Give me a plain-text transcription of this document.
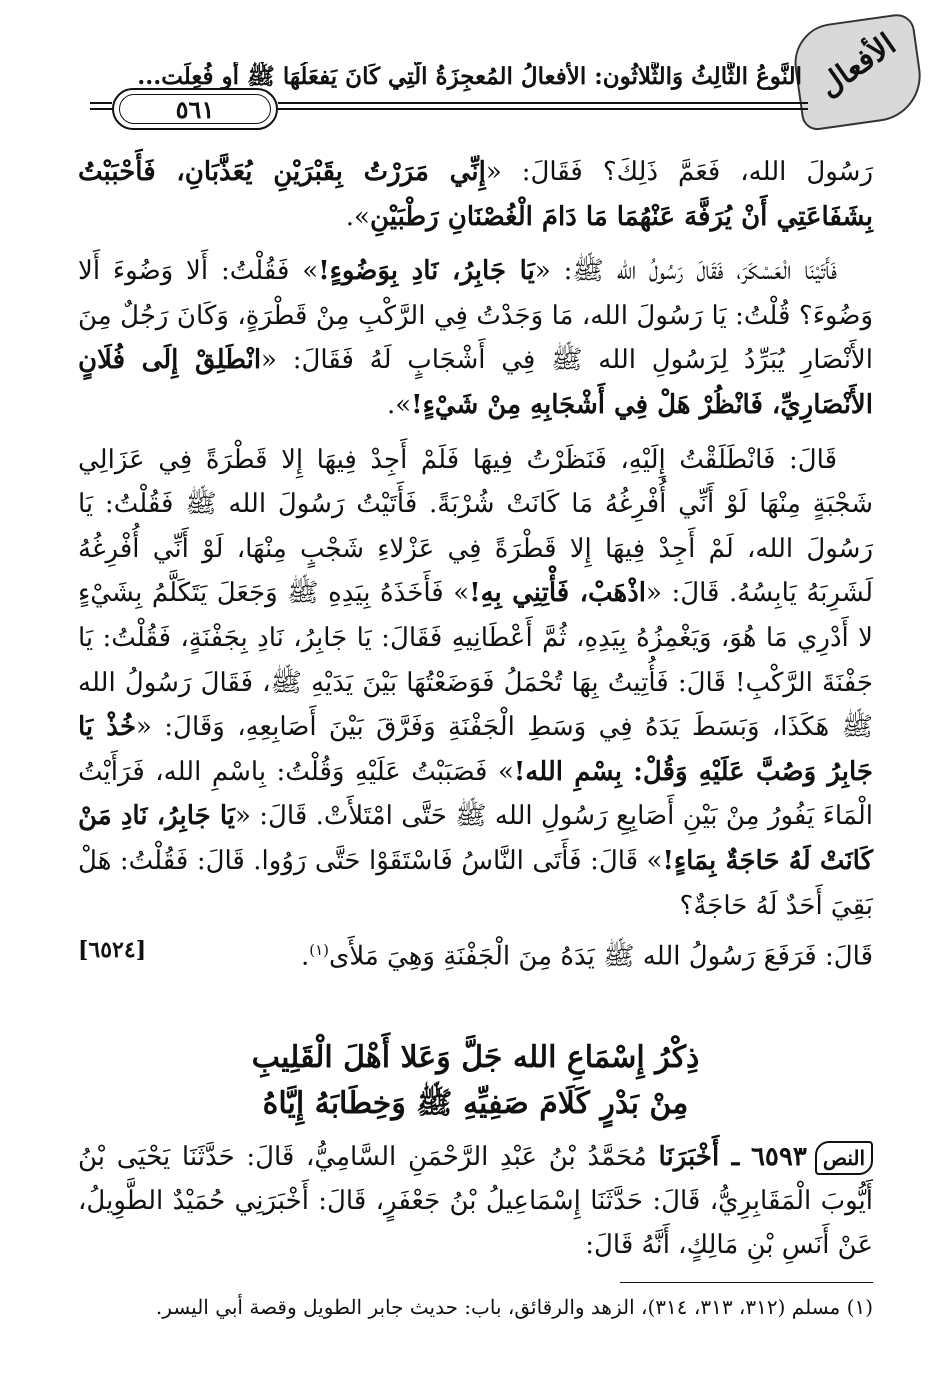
الأفعال
النَّوعُ الثَّالِثُ وَالثَّلاثُون: الأفعالُ المُعجِزَةُ الَّتِي كَانَ يَفعَلُهَا ﷺ أَو فُعِلَت...
٥٦١

رَسُولَ الله، فَعَمَّ ذَلِكَ؟ فَقَالَ: «إِنِّي مَرَرْتُ بِقَبْرَيْنِ يُعَذَّبَانِ، فَأَحْبَبْتُ بِشَفَاعَتِي أَنْ يُرَفَّهَ عَنْهُمَا مَا دَامَ الْغُصْنَانِ رَطْبَيْنِ».

فَأَتَيْنَا الْعَسْكَرَ، فَقَالَ رَسُولُ الله ﷺ: «يَا جَابِرُ، نَادِ بِوَضُوءٍ!» فَقُلْتُ: أَلا وَضُوءَ أَلا وَضُوءَ؟ قُلْتُ: يَا رَسُولَ الله، مَا وَجَدْتُ فِي الرَّكْبِ مِنْ قَطْرَةٍ، وَكَانَ رَجُلٌ مِنَ الأَنْصَارِ يُبَرِّدُ لِرَسُولِ الله ﷺ فِي أَشْجَابٍ لَهُ فَقَالَ: «انْطَلِقْ إِلَى فُلَانٍ الأَنْصَارِيِّ، فَانْظُرْ هَلْ فِي أَشْجَابِهِ مِنْ شَيْءٍ!».

قَالَ: فَانْطَلَقْتُ إِلَيْهِ، فَنَظَرْتُ فِيهَا فَلَمْ أَجِدْ فِيهَا إِلا قَطْرَةً فِي عَزَالِي شَجْبَةٍ مِنْهَا لَوْ أَنِّي أُفْرِغُهُ مَا كَانَتْ شُرْبَةً. فَأَتَيْتُ رَسُولَ الله ﷺ فَقُلْتُ: يَا رَسُولَ الله، لَمْ أَجِدْ فِيهَا إِلا قَطْرَةً فِي عَزْلاءِ شَجْبٍ مِنْهَا، لَوْ أَنِّي أُفْرِغُهُ لَشَرِبَهُ يَابِسُهُ. قَالَ: «اذْهَبْ، فَأْتِنِي بِهِ!» فَأَخَذَهُ بِيَدِهِ ﷺ وَجَعَلَ يَتَكَلَّمُ بِشَيْءٍ لا أَدْرِي مَا هُوَ، وَيَغْمِزُهُ بِيَدِهِ، ثُمَّ أَعْطَانِيهِ فَقَالَ: يَا جَابِرُ، نَادِ بِجَفْنَةٍ، فَقُلْتُ: يَا جَفْنَةَ الرَّكْبِ! قَالَ: فَأُتِيتُ بِهَا تُحْمَلُ فَوَضَعْتُهَا بَيْنَ يَدَيْهِ ﷺ، فَقَالَ رَسُولُ الله ﷺ هَكَذَا، وَبَسَطَ يَدَهُ فِي وَسَطِ الْجَفْنَةِ وَفَرَّقَ بَيْنَ أَصَابِعِهِ، وَقَالَ: «خُذْ يَا جَابِرُ وَصُبَّ عَلَيْهِ وَقُلْ: بِسْمِ الله!» فَصَبَبْتُ عَلَيْهِ وَقُلْتُ: بِاسْمِ الله، فَرَأَيْتُ الْمَاءَ يَفُورُ مِنْ بَيْنِ أَصَابِعِ رَسُولِ الله ﷺ حَتَّى امْتَلأَتْ. قَالَ: «يَا جَابِرُ، نَادِ مَنْ كَانَتْ لَهُ حَاجَةٌ بِمَاءٍ!» قَالَ: فَأَتَى النَّاسُ فَاسْتَقَوْا حَتَّى رَوُوا. قَالَ: فَقُلْتُ: هَلْ بَقِيَ أَحَدٌ لَهُ حَاجَةٌ؟

قَالَ: فَرَفَعَ رَسُولُ الله ﷺ يَدَهُ مِنَ الْجَفْنَةِ وَهِيَ مَلأَى$^{(١)}$.
[٦٥٢٤]
ذِكْرُ إِسْمَاعِ الله جَلَّ وَعَلا أَهْلَ الْقَلِيبِ
مِنْ بَدْرٍ كَلَامَ صَفِيِّهِ ﷺ وَخِطَابَهُ إِيَّاهُ
النص٦٥٩٣ ـ أَخْبَرَنَا مُحَمَّدُ بْنُ عَبْدِ الرَّحْمَنِ السَّامِيُّ، قَالَ: حَدَّثَنَا يَحْيَى بْنُ أَيُّوبَ الْمَقَابِرِيُّ، قَالَ: حَدَّثَنَا إِسْمَاعِيلُ بْنُ جَعْفَرٍ، قَالَ: أَخْبَرَنِي حُمَيْدٌ الطَّوِيلُ، عَنْ أَنَسِ بْنِ مَالِكٍ، أَنَّهُ قَالَ:
(١) مسلم (٣١٢، ٣١٣، ٣١٤)، الزهد والرقائق، باب: حديث جابر الطويل وقصة أبي اليسر.
